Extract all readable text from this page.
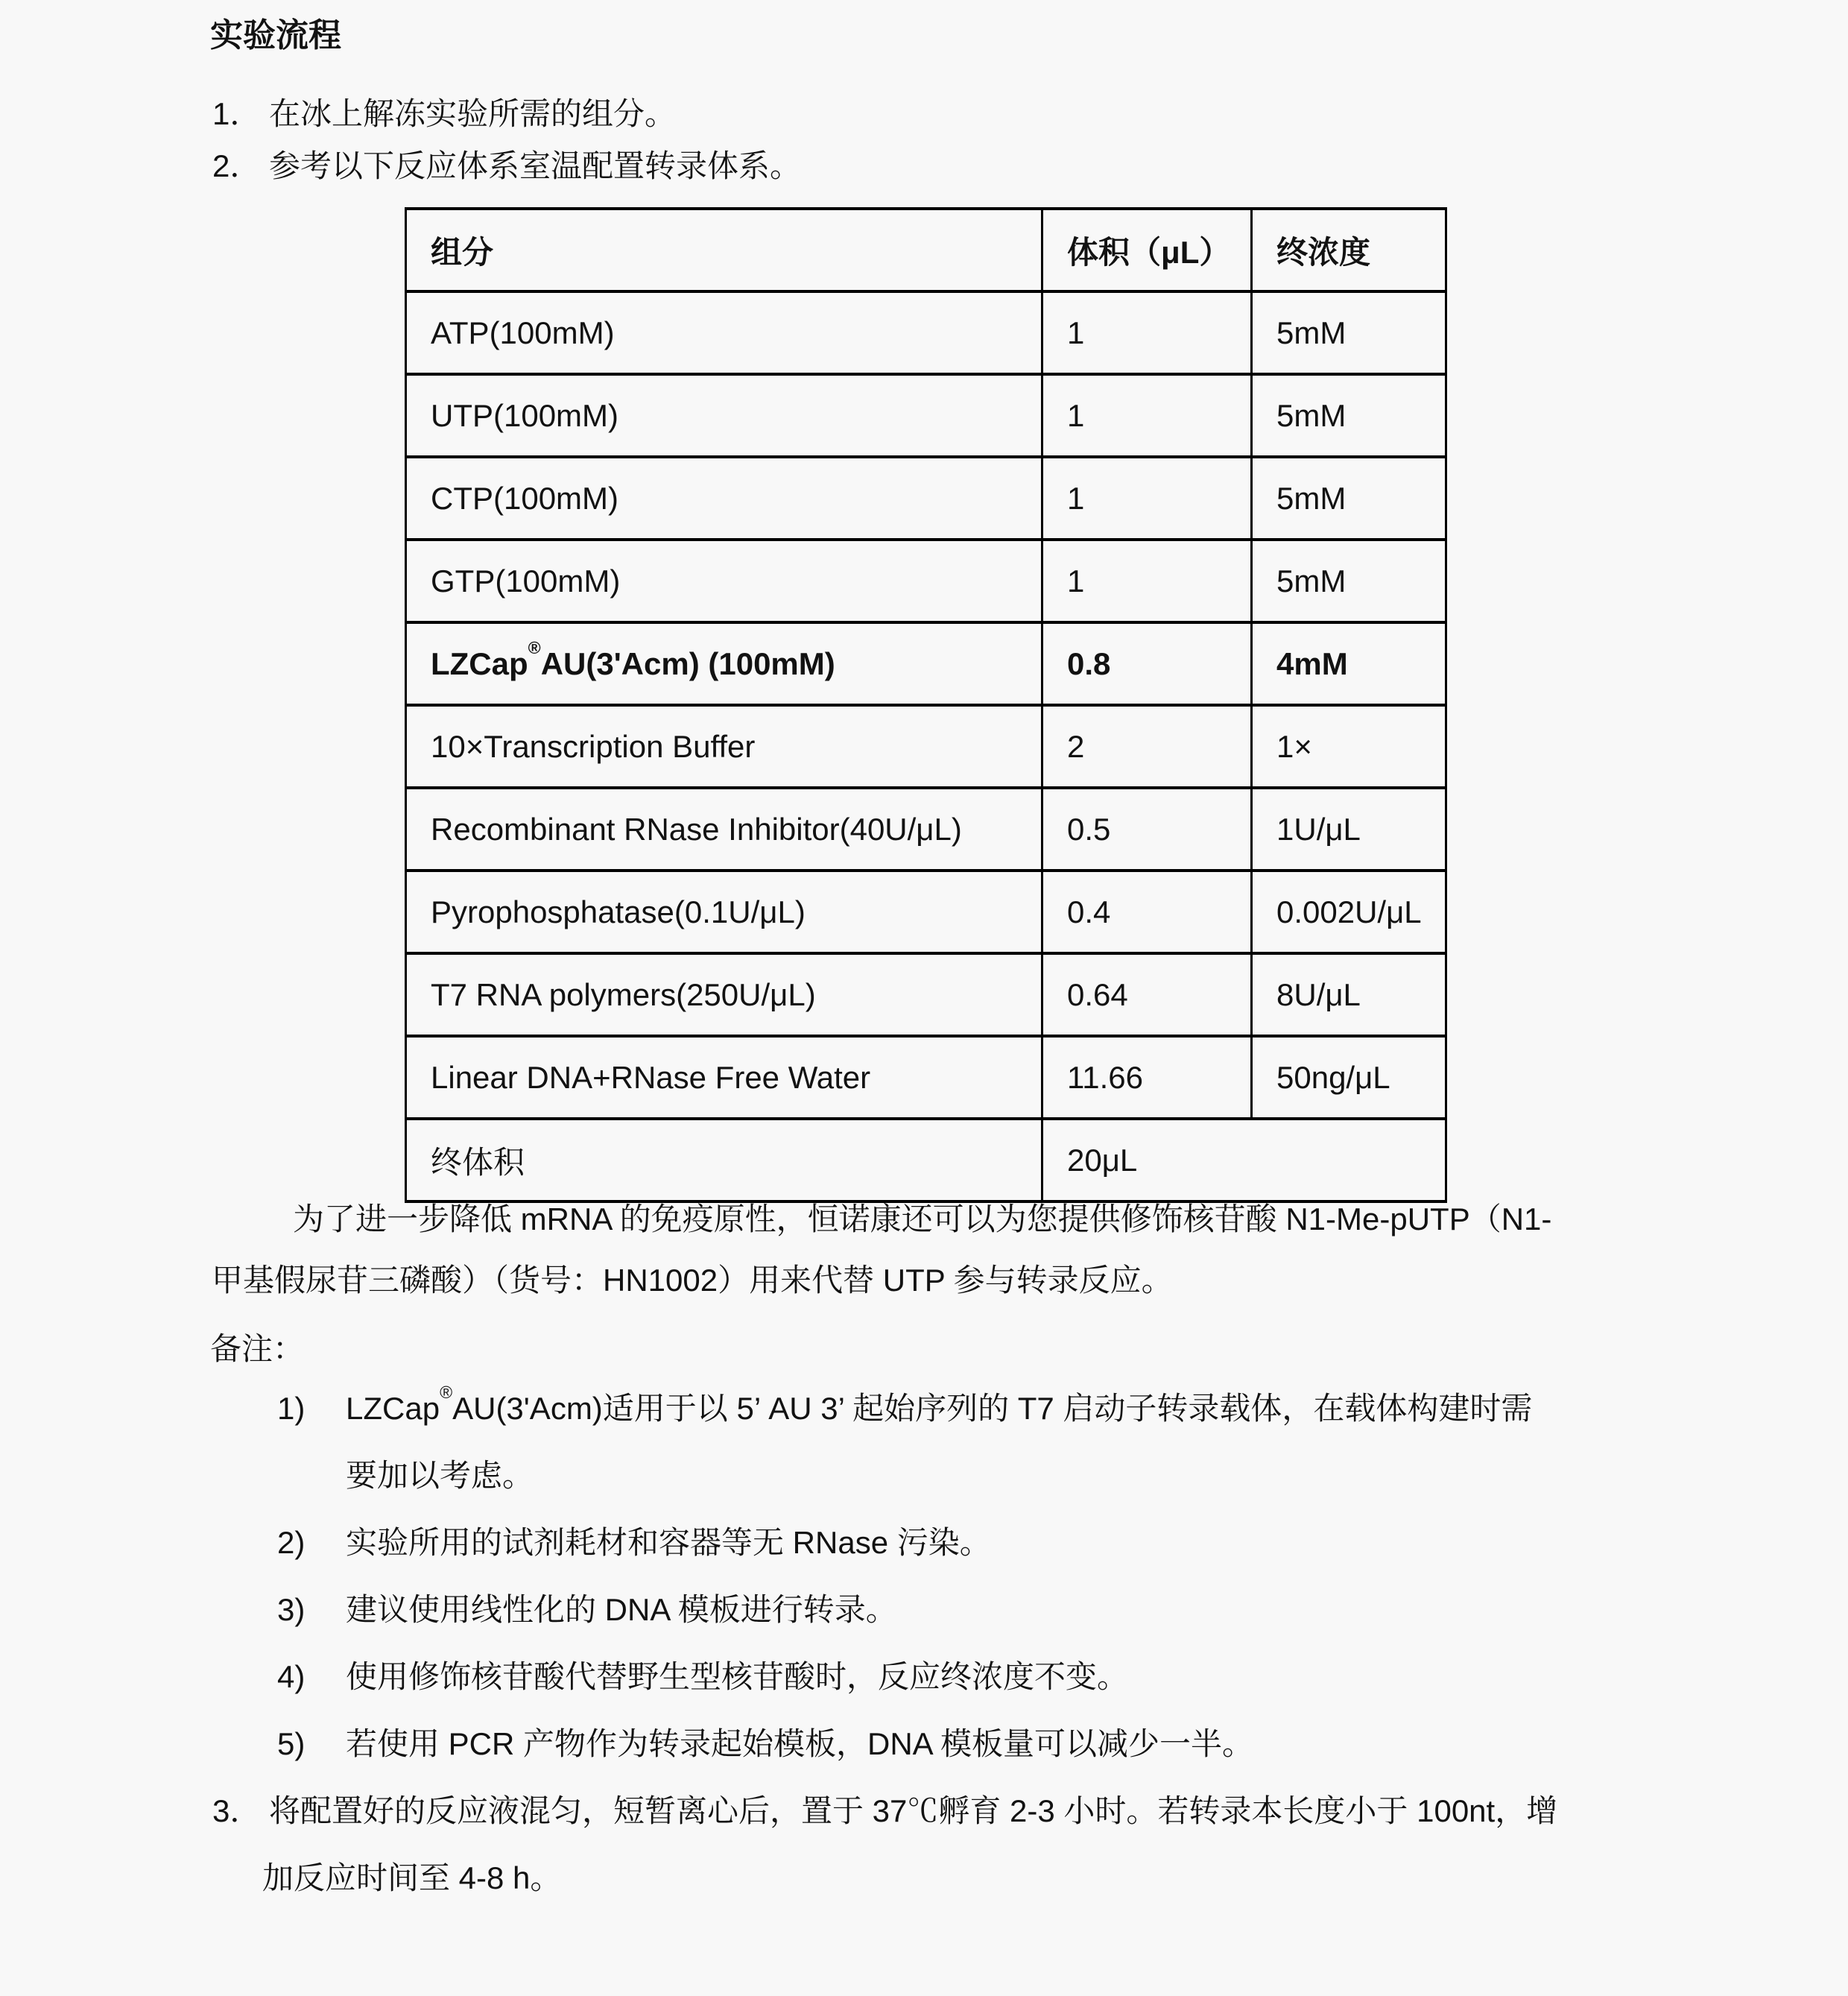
实验流程
1． 在冰上解冻实验所需的组分。
2． 参考以下反应体系室温配置转录体系。
组分	体积（μL）	终浓度
ATP(100mM)	1	5mM
UTP(100mM)	1	5mM
CTP(100mM)	1	5mM
GTP(100mM)	1	5mM
LZCap®AU(3'Acm) (100mM)	0.8	4mM
10×Transcription Buffer	2	1×
Recombinant RNase Inhibitor(40U/μL)	0.5	1U/μL
Pyrophosphatase(0.1U/μL)	0.4	0.002U/μL
T7 RNA polymers(250U/μL)	0.64	8U/μL
Linear DNA+RNase Free Water	11.66	50ng/μL
终体积	20μL	
为了进一步降低 mRNA 的免疫原性，恒诺康还可以为您提供修饰核苷酸 N1-Me-pUTP（N1-
甲基假尿苷三磷酸）（货号：HN1002）用来代替 UTP 参与转录反应。
备注：
1)	LZCap®AU(3'Acm)适用于以 5’ AU 3’ 起始序列的 T7 启动子转录载体，在载体构建时需
要加以考虑。
2)	实验所用的试剂耗材和容器等无 RNase 污染。
3)	建议使用线性化的 DNA 模板进行转录。
4)	使用修饰核苷酸代替野生型核苷酸时，反应终浓度不变。
5)	若使用 PCR 产物作为转录起始模板，DNA 模板量可以减少一半。
3． 将配置好的反应液混匀，短暂离心后，置于 37℃孵育 2-3 小时。若转录本长度小于 100nt，增
加反应时间至 4-8 h。
